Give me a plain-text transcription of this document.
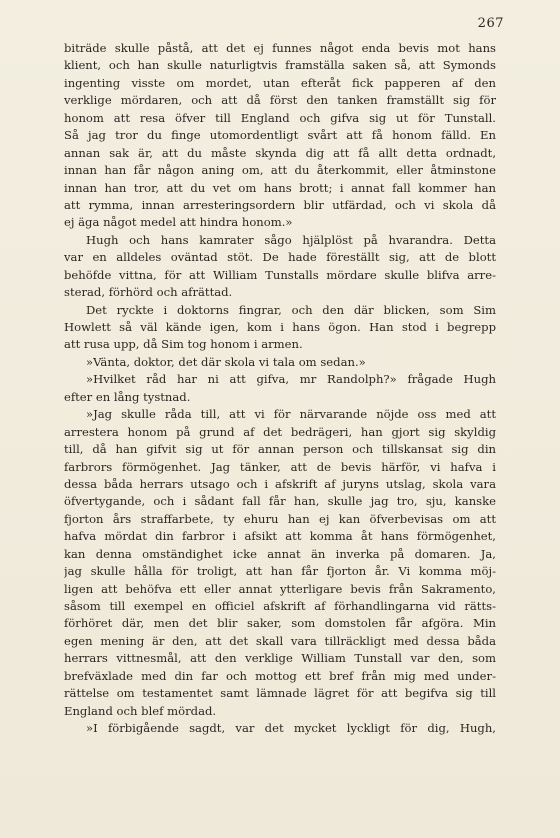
267
biträde skulle påstå, att det ej funnes något enda bevis mot hans
klient, och han skulle naturligtvis framställa saken så, att Symonds
ingenting visste om mordet, utan efteråt fick papperen af den
verklige mördaren, och att då först den tanken framställt sig för
honom att resa öfver till England och gifva sig ut för Tunstall.
Så jag tror du finge utomordentligt svårt att få honom fälld. En
annan sak är, att du måste skynda dig att få allt detta ordnadt,
innan han får någon aning om, att du återkommit, eller åtminstone
innan han tror, att du vet om hans brott; i annat fall kommer han
att rymma, innan arresteringsordern blir utfärdad, och vi skola då
ej äga något medel att hindra honom.»
Hugh och hans kamrater sågo hjälplöst på hvarandra. Detta
var en alldeles oväntad stöt. De hade föreställt sig, att de blott
behöfde vittna, för att William Tunstalls mördare skulle blifva arre-
sterad, förhörd och afrättad.
Det ryckte i doktorns fingrar, och den där blicken, som Sim
Howlett så väl kände igen, kom i hans ögon. Han stod i begrepp
att rusa upp, då Sim tog honom i armen.
»Vänta, doktor, det där skola vi tala om sedan.»
»Hvilket råd har ni att gifva, mr Randolph?» frågade Hugh
efter en lång tystnad.
»Jag skulle råda till, att vi för närvarande nöjde oss med att
arrestera honom på grund af det bedrägeri, han gjort sig skyldig
till, då han gifvit sig ut för annan person och tillskansat sig din
farbrors förmögenhet. Jag tänker, att de bevis härför, vi hafva i
dessa båda herrars utsago och i afskrift af juryns utslag, skola vara
öfvertygande, och i sådant fall får han, skulle jag tro, sju, kanske
fjorton års straffarbete, ty ehuru han ej kan öfverbevisas om att
hafva mördat din farbror i afsikt att komma åt hans förmögenhet,
kan denna omständighet icke annat än inverka på domaren. Ja,
jag skulle hålla för troligt, att han får fjorton år. Vi komma möj-
ligen att behöfva ett eller annat ytterligare bevis från Sakramento,
såsom till exempel en officiel afskrift af förhandlingarna vid rätts-
förhöret där, men det blir saker, som domstolen får afgöra. Min
egen mening är den, att det skall vara tillräckligt med dessa båda
herrars vittnesmål, att den verklige William Tunstall var den, som
brefväxlade med din far och mottog ett bref från mig med under-
rättelse om testamentet samt lämnade lägret för att begifva sig till
England och blef mördad.
»I förbigående sagdt, var det mycket lyckligt för dig, Hugh,
